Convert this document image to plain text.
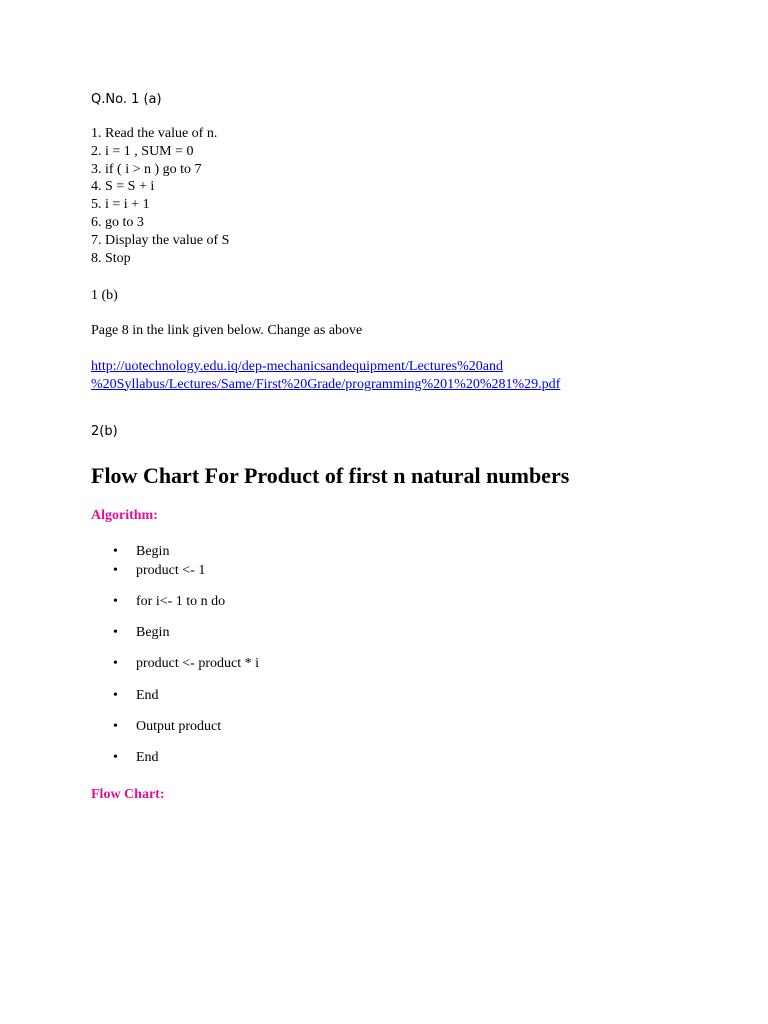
Q.No. 1 (a)
1. Read the value of n.
2. i = 1 , SUM = 0
3. if ( i > n ) go to 7
4. S = S + i
5. i = i + 1
6. go to 3
7. Display the value of S
8. Stop
1 (b)
Page 8 in the link given below. Change as above
http://uotechnology.edu.iq/dep-mechanicsandequipment/Lectures%20and
%20Syllabus/Lectures/Same/First%20Grade/programming%201%20%281%29.pdf
2(b)
Flow Chart For Product of first n natural numbers
Algorithm:
• Begin
• product <- 1
• for i<- 1 to n do
• Begin
• product <- product * i
• End
• Output product
• End
Flow Chart:
